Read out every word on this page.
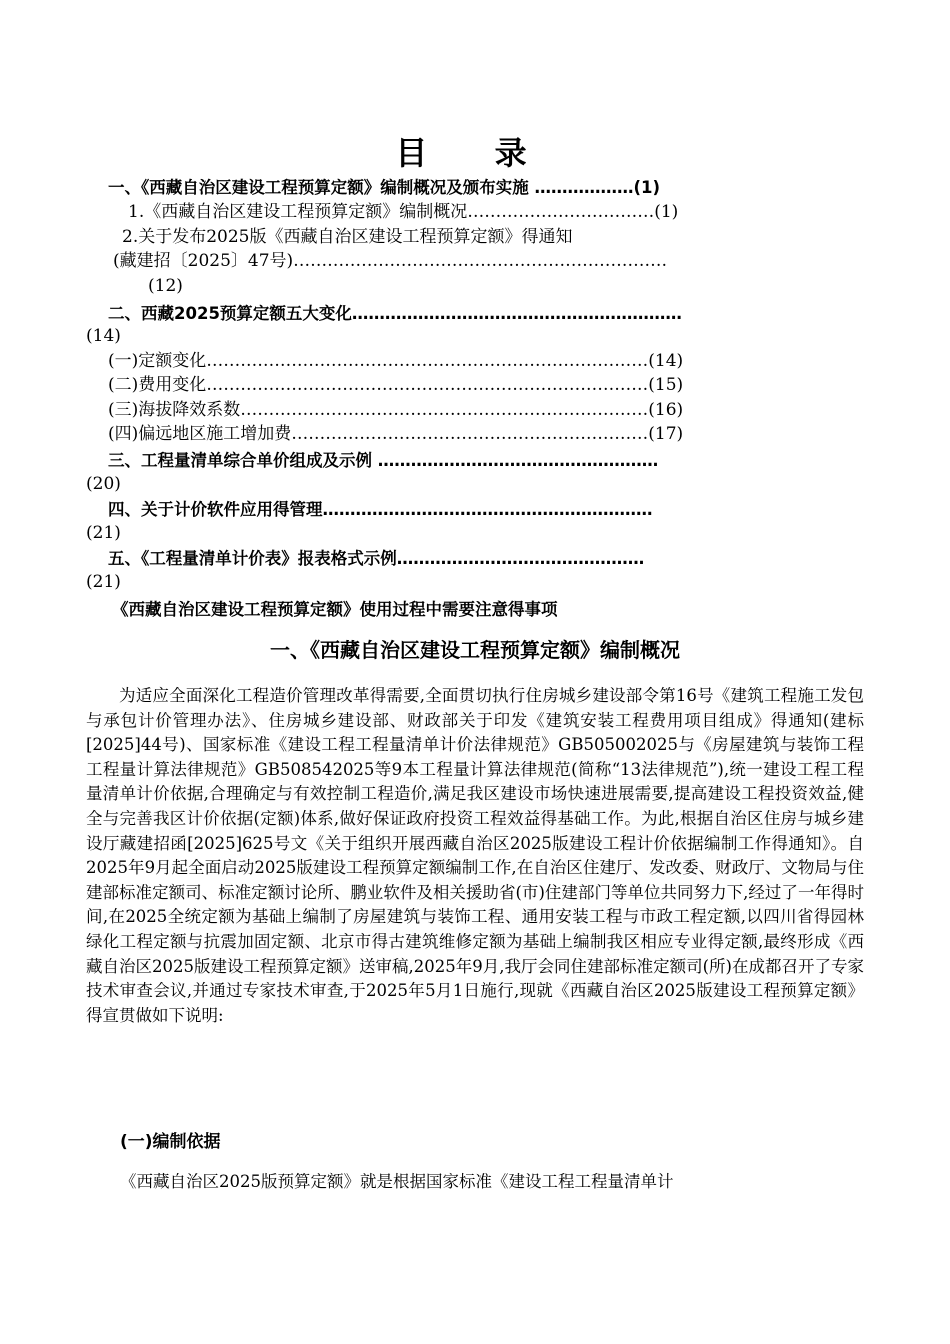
目 录
一、《西藏自治区建设工程预算定额》编制概况及颁布实施 ………………(1)
1.《西藏自治区建设工程预算定额》编制概况……………………………(1)
2.关于发布2025版《西藏自治区建设工程预算定额》得通知
(藏建招〔2025〕47号)…………………………………………………………
(12)
二、西藏2025预算定额五大变化……………………………………………………
(14)
(一)定额变化……………………………………………………………………(14)
(二)费用变化……………………………………………………………………(15)
(三)海拔降效系数………………………………………………………………(16)
(四)偏远地区施工增加费………………………………………………………(17)
三、工程量清单综合单价组成及示例 ……………………………………………
(20)
四、关于计价软件应用得管理……………………………………………………
(21)
五、《工程量清单计价表》报表格式示例………………………………………
(21)
《西藏自治区建设工程预算定额》使用过程中需要注意得事项
一、《西藏自治区建设工程预算定额》编制概况
为适应全面深化工程造价管理改革得需要,全面贯切执行住房城乡建设部令第16号《建筑工程施工发包与承包计价管理办法》、住房城乡建设部、财政部关于印发《建筑安装工程费用项目组成》得通知(建标[2025]44号)、国家标准《建设工程工程量清单计价法律规范》GB505002025与《房屋建筑与装饰工程工程量计算法律规范》GB508542025等9本工程量计算法律规范(简称“13法律规范”),统一建设工程工程量清单计价依据,合理确定与有效控制工程造价,满足我区建设市场快速进展需要,提高建设工程投资效益,健全与完善我区计价依据(定额)体系,做好保证政府投资工程效益得基础工作。为此,根据自治区住房与城乡建设厅藏建招函[2025]625号文《关于组织开展西藏自治区2025版建设工程计价依据编制工作得通知》。自2025年9月起全面启动2025版建设工程预算定额编制工作,在自治区住建厅、发改委、财政厅、文物局与住建部标准定额司、标准定额讨论所、鹏业软件及相关援助省(市)住建部门等单位共同努力下,经过了一年得时间,在2025全统定额为基础上编制了房屋建筑与装饰工程、通用安装工程与市政工程定额,以四川省得园林绿化工程定额与抗震加固定额、北京市得古建筑维修定额为基础上编制我区相应专业得定额,最终形成《西藏自治区2025版建设工程预算定额》送审稿,2025年9月,我厅会同住建部标准定额司(所)在成都召开了专家技术审查会议,并通过专家技术审查,于2025年5月1日施行,现就《西藏自治区2025版建设工程预算定额》得宣贯做如下说明:
(一)编制依据
《西藏自治区2025版预算定额》就是根据国家标准《建设工程工程量清单计
